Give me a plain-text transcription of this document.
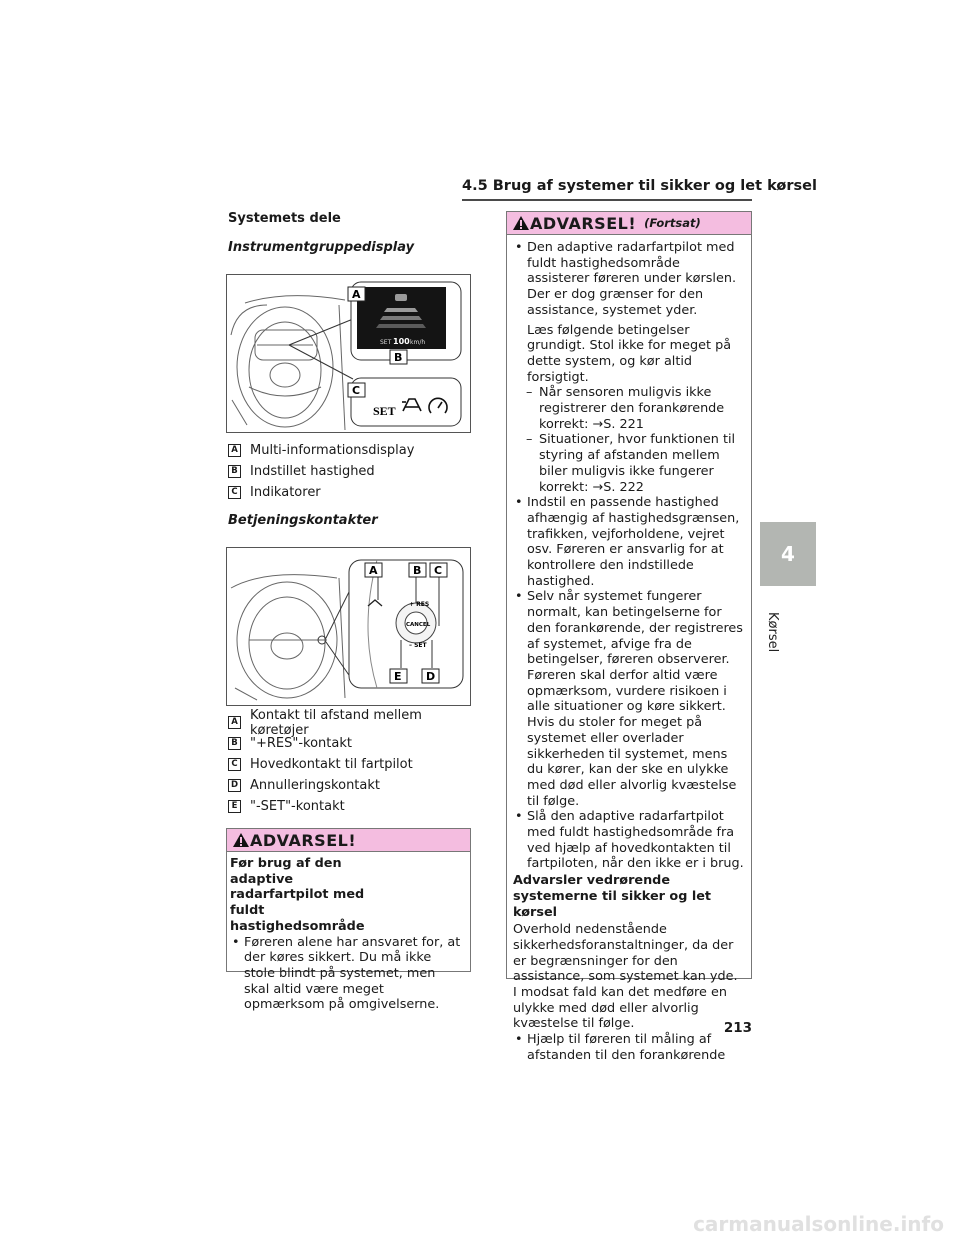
4.5 Brug af systemer til sikker og let kørsel
Systemets dele
Instrumentgruppedisplay
SET 100 km/h
A
B
C
SET
A Multi-informationsdisplay
B Indstillet hastighed
C Indikatorer
Betjeningskontakter
CANCEL
+ RES
– SET
A	B C
E D
A Kontakt til afstand mellem køretøjer
B "+RES"-kontakt
C Hovedkontakt til fartpilot
D Annulleringskontakt
E "-SET"-kontakt
ADVARSEL!

Før brug af den adaptive radarfartpilot med fuldt hastighedsområde

• Føreren alene har ansvaret for, at der køres sikkert. Du må ikke stole blindt på systemet, men skal altid være meget opmærksom på omgivelserne.
ADVARSEL! (Fortsat)

• Den adaptive radarfartpilot med fuldt hastighedsområde assisterer føreren under kørslen. Der er dog grænser for den assistance, systemet yder.

Læs følgende betingelser grundigt. Stol ikke for meget på dette system, og kør altid forsigtigt.

– Når sensoren muligvis ikke registrerer den forankørende korrekt: →S. 221
– Situationer, hvor funktionen til styring af afstanden mellem biler muligvis ikke fungerer korrekt: →S. 222
• Indstil en passende hastighed afhængig af hastighedsgrænsen, trafikken, vejforholdene, vejret osv. Føreren er ansvarlig for at kontrollere den indstillede hastighed.
• Selv når systemet fungerer normalt, kan betingelserne for den forankørende, der registreres af systemet, afvige fra de betingelser, føreren observerer. Føreren skal derfor altid være opmærksom, vurdere risikoen i alle situationer og køre sikkert. Hvis du stoler for meget på systemet eller overlader sikkerheden til systemet, mens du kører, kan der ske en ulykke med død eller alvorlig kvæstelse til følge.
• Slå den adaptive radarfartpilot med fuldt hastighedsområde fra ved hjælp af hovedkontakten til fartpiloten, når den ikke er i brug.

Advarsler vedrørende systemerne til sikker og let kørsel

Overhold nedenstående sikkerhedsforanstaltninger, da der er begrænsninger for den assistance, som systemet kan yde. I modsat fald kan det medføre en ulykke med død eller alvorlig kvæstelse til følge.

• Hjælp til føreren til måling af afstanden til den forankørende
4
Kørsel
213
carmanualsonline.info
